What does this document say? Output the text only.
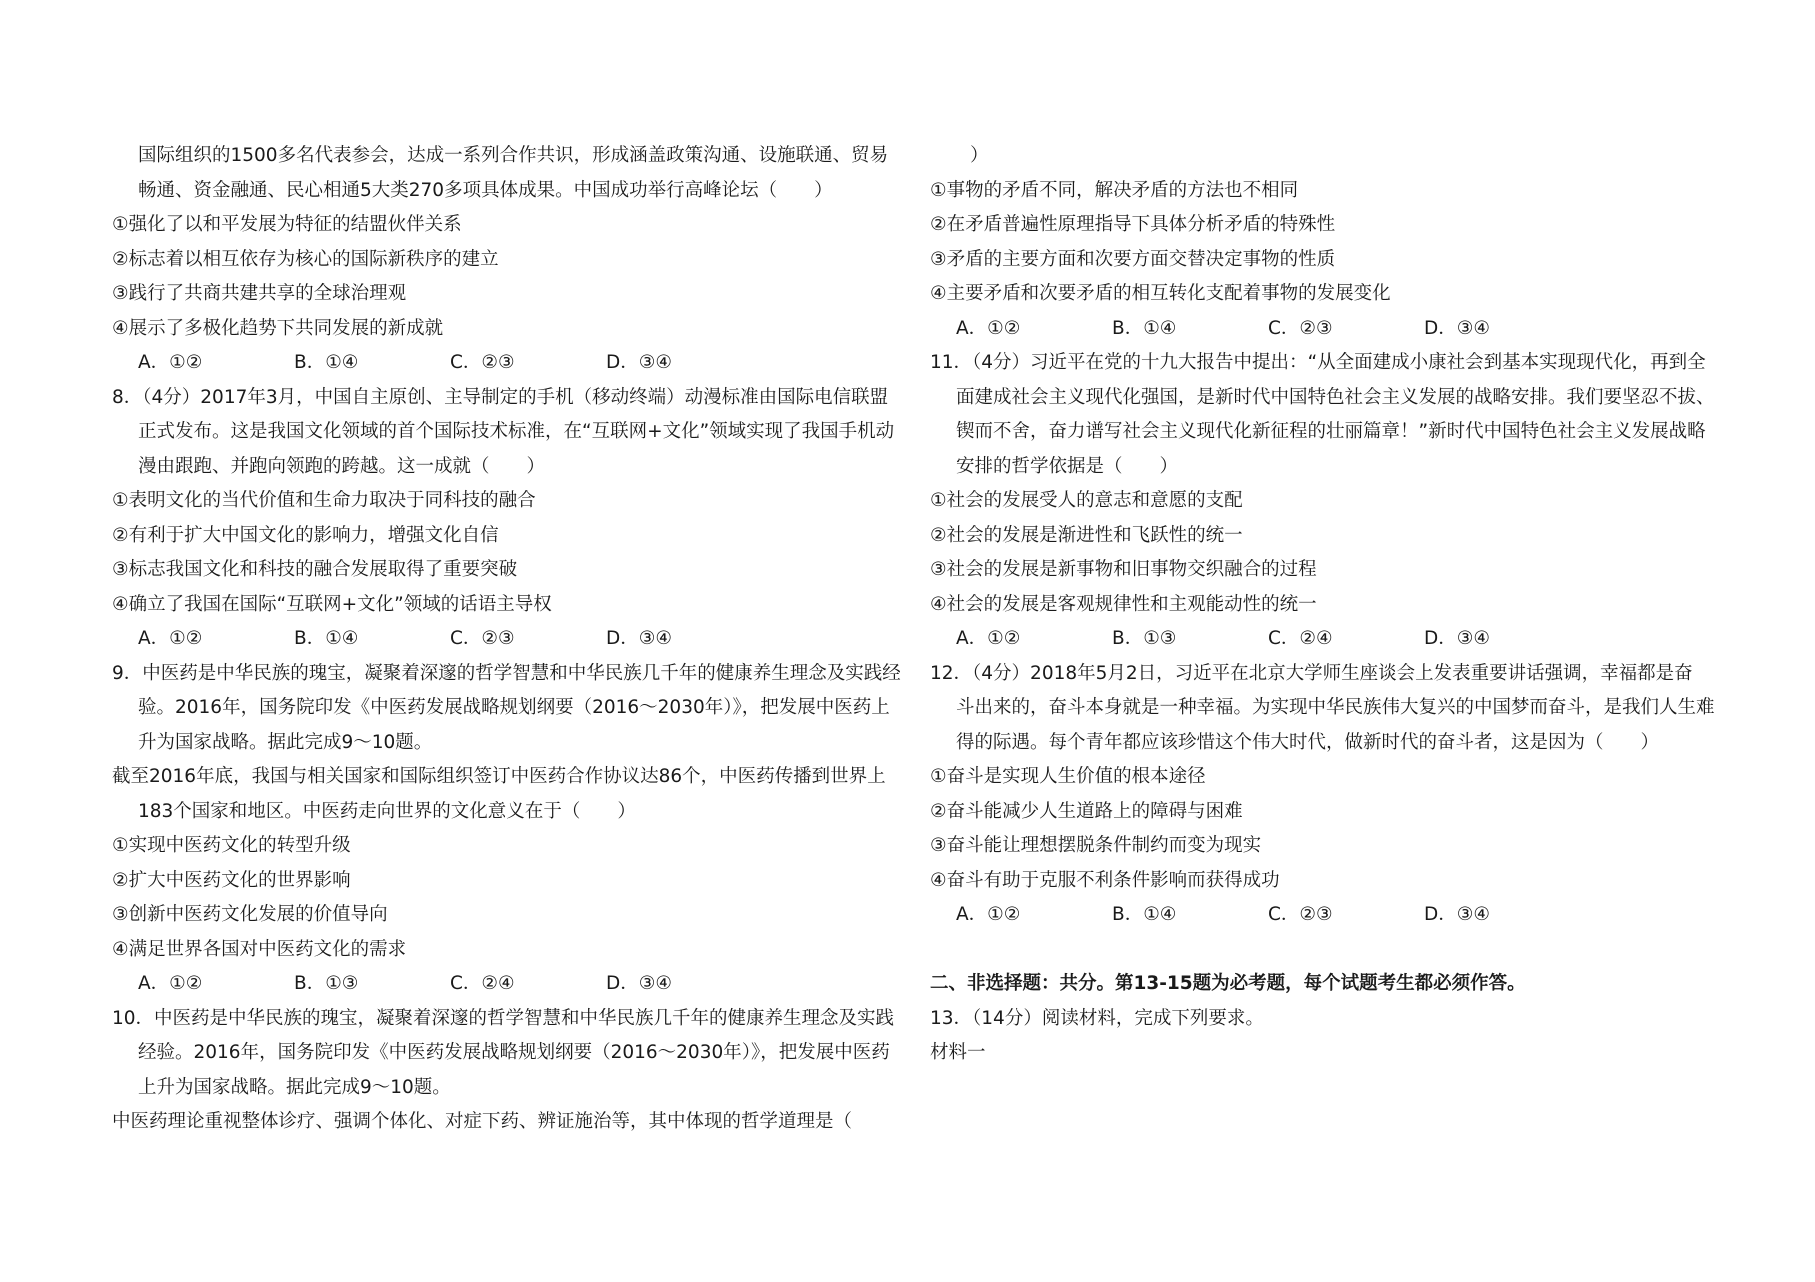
国际组织的1500多名代表参会，达成一系列合作共识，形成涵盖政策沟通、设施联通、贸易
畅通、资金融通、民心相通5大类270多项具体成果。中国成功举行高峰论坛（　　）
①强化了以和平发展为特征的结盟伙伴关系
②标志着以相互依存为核心的国际新秩序的建立
③践行了共商共建共享的全球治理观
④展示了多极化趋势下共同发展的新成就
A．①②	B．①④	C．②③	D．③④
8．（4分）2017年3月，中国自主原创、主导制定的手机（移动终端）动漫标准由国际电信联盟
正式发布。这是我国文化领域的首个国际技术标准，在“互联网+文化”领域实现了我国手机动
漫由跟跑、并跑向领跑的跨越。这一成就（　　）
①表明文化的当代价值和生命力取决于同科技的融合
②有利于扩大中国文化的影响力，增强文化自信
③标志我国文化和科技的融合发展取得了重要突破
④确立了我国在国际“互联网+文化”领域的话语主导权
A．①②	B．①④	C．②③	D．③④
9．中医药是中华民族的瑰宝，凝聚着深邃的哲学智慧和中华民族几千年的健康养生理念及实践经
验。2016年，国务院印发《中医药发展战略规划纲要（2016～2030年）》，把发展中医药上
升为国家战略。据此完成9～10题。
截至2016年底，我国与相关国家和国际组织签订中医药合作协议达86个，中医药传播到世界上
183个国家和地区。中医药走向世界的文化意义在于（　　）
①实现中医药文化的转型升级
②扩大中医药文化的世界影响
③创新中医药文化发展的价值导向
④满足世界各国对中医药文化的需求
A．①②	B．①③	C．②④	D．③④
10．中医药是中华民族的瑰宝，凝聚着深邃的哲学智慧和中华民族几千年的健康养生理念及实践
经验。2016年，国务院印发《中医药发展战略规划纲要（2016～2030年）》，把发展中医药
上升为国家战略。据此完成9～10题。
中医药理论重视整体诊疗、强调个体化、对症下药、辨证施治等，其中体现的哲学道理是（
）
①事物的矛盾不同，解决矛盾的方法也不相同
②在矛盾普遍性原理指导下具体分析矛盾的特殊性
③矛盾的主要方面和次要方面交替决定事物的性质
④主要矛盾和次要矛盾的相互转化支配着事物的发展变化
A．①②	B．①④	C．②③	D．③④
11．（4分）习近平在党的十九大报告中提出：“从全面建成小康社会到基本实现现代化，再到全
面建成社会主义现代化强国，是新时代中国特色社会主义发展的战略安排。我们要坚忍不拔、
锲而不舍，奋力谱写社会主义现代化新征程的壮丽篇章！”新时代中国特色社会主义发展战略
安排的哲学依据是（　　）
①社会的发展受人的意志和意愿的支配
②社会的发展是渐进性和飞跃性的统一
③社会的发展是新事物和旧事物交织融合的过程
④社会的发展是客观规律性和主观能动性的统一
A．①②	B．①③	C．②④	D．③④
12．（4分）2018年5月2日，习近平在北京大学师生座谈会上发表重要讲话强调，幸福都是奋
斗出来的，奋斗本身就是一种幸福。为实现中华民族伟大复兴的中国梦而奋斗，是我们人生难
得的际遇。每个青年都应该珍惜这个伟大时代，做新时代的奋斗者，这是因为（　　）
①奋斗是实现人生价值的根本途径
②奋斗能减少人生道路上的障碍与困难
③奋斗能让理想摆脱条件制约而变为现实
④奋斗有助于克服不利条件影响而获得成功
A．①②	B．①④	C．②③	D．③④
二、非选择题：共分。第13-15题为必考题，每个试题考生都必须作答。
13．（14分）阅读材料，完成下列要求。
材料一
